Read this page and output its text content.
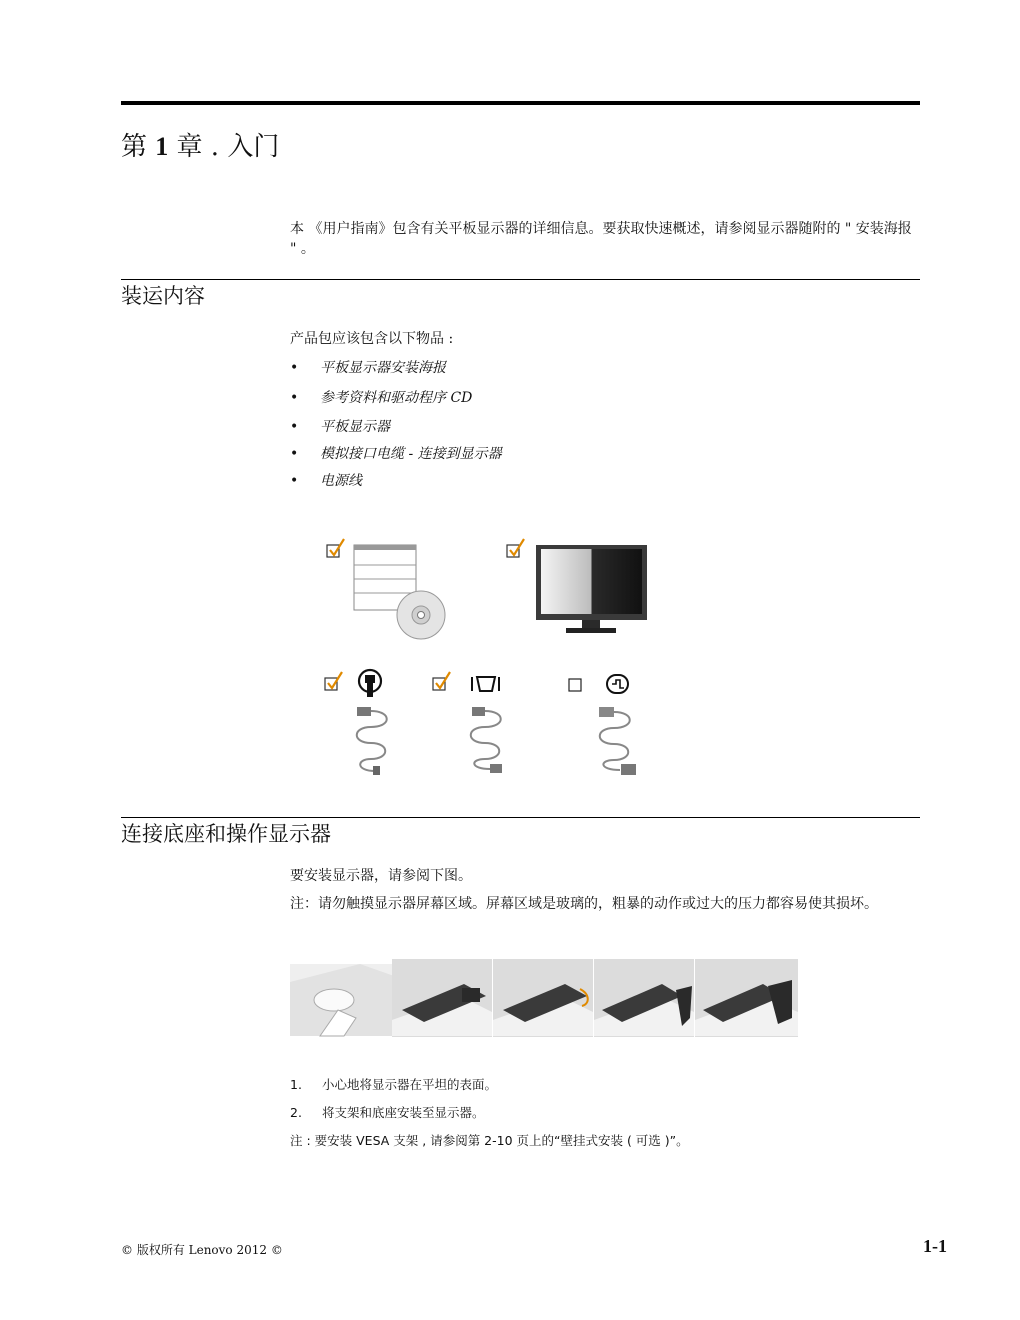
第 1 章 . 入门
本 《用户指南》包含有关平板显示器的详细信息。要获取快速概述，请参阅显示器随附的 " 安装海报 " 。
装运内容
产品包应该包含以下物品 :
• 平板显示器安装海报
• 参考资料和驱动程序 CD
• 平板显示器
• 模拟接口电缆 - 连接到显示器
• 电源线
连接底座和操作显示器
要安装显示器，请参阅下图。
注：请勿触摸显示器屏幕区域。屏幕区域是玻璃的，粗暴的动作或过大的压力都容易使其损坏。
1. 小心地将显示器在平坦的表面。
2. 将支架和底座安装至显示器。
注 : 要安装 VESA 支架 , 请参阅第 2-10 页上的“壁挂式安装 ( 可选 )”。
© 版权所有 Lenovo 2012 ©	1-1
